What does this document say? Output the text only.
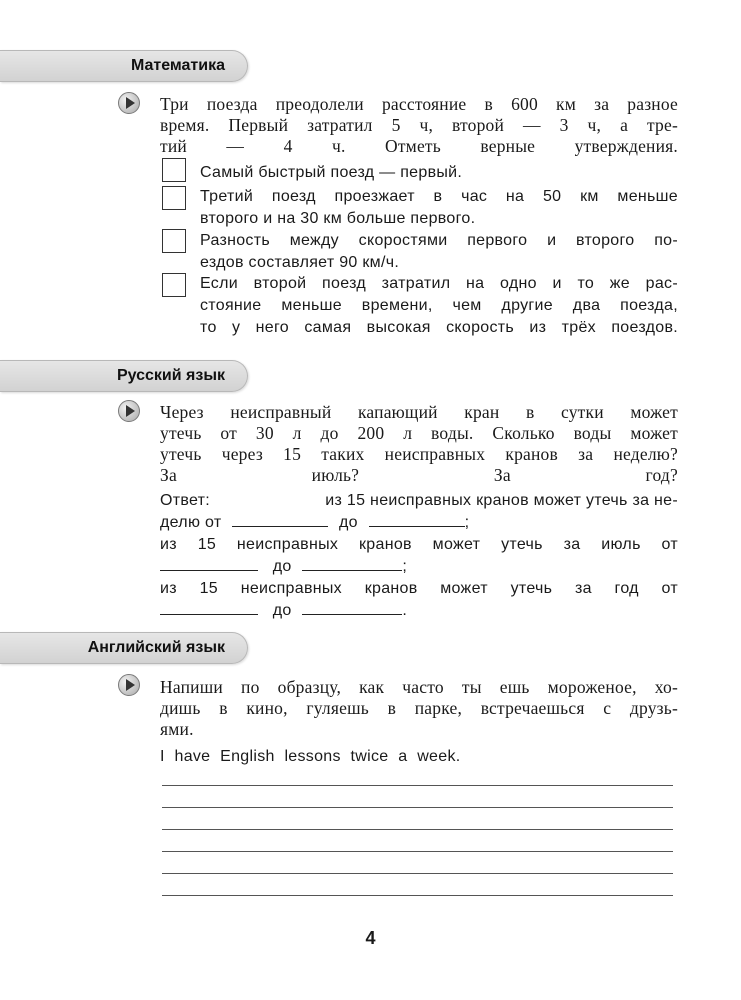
Математика
Три поезда преодолели расстояние в 600 км за разное
время. Первый затратил 5 ч, второй — 3 ч, а тре-
тий — 4 ч. Отметь верные утверждения.
Самый быстрый поезд — первый.
Третий поезд проезжает в час на 50 км меньше
второго и на 30 км больше первого.
Разность между скоростями первого и второго по-
ездов составляет 90 км/ч.
Если второй поезд затратил на одно и то же рас-
стояние меньше времени, чем другие два поезда,
то у него самая высокая скорость из трёх поездов.
Русский язык
Через неисправный капающий кран в сутки может
утечь от 30 л до 200 л воды. Сколько воды может
утечь через 15 таких неисправных кранов за неделю?
За июль? За год?
Ответ:	из 15 неисправных кранов может утечь за не-
делю от	до	;
из 15 неисправных кранов может утечь за июль от
до	;
из 15 неисправных кранов может утечь за год от
до	.
Английский язык
Напиши по образцу, как часто ты ешь мороженое, хо-
дишь в кино, гуляешь в парке, встречаешься с друзь-
ями.
I have English lessons twice a week.
4
